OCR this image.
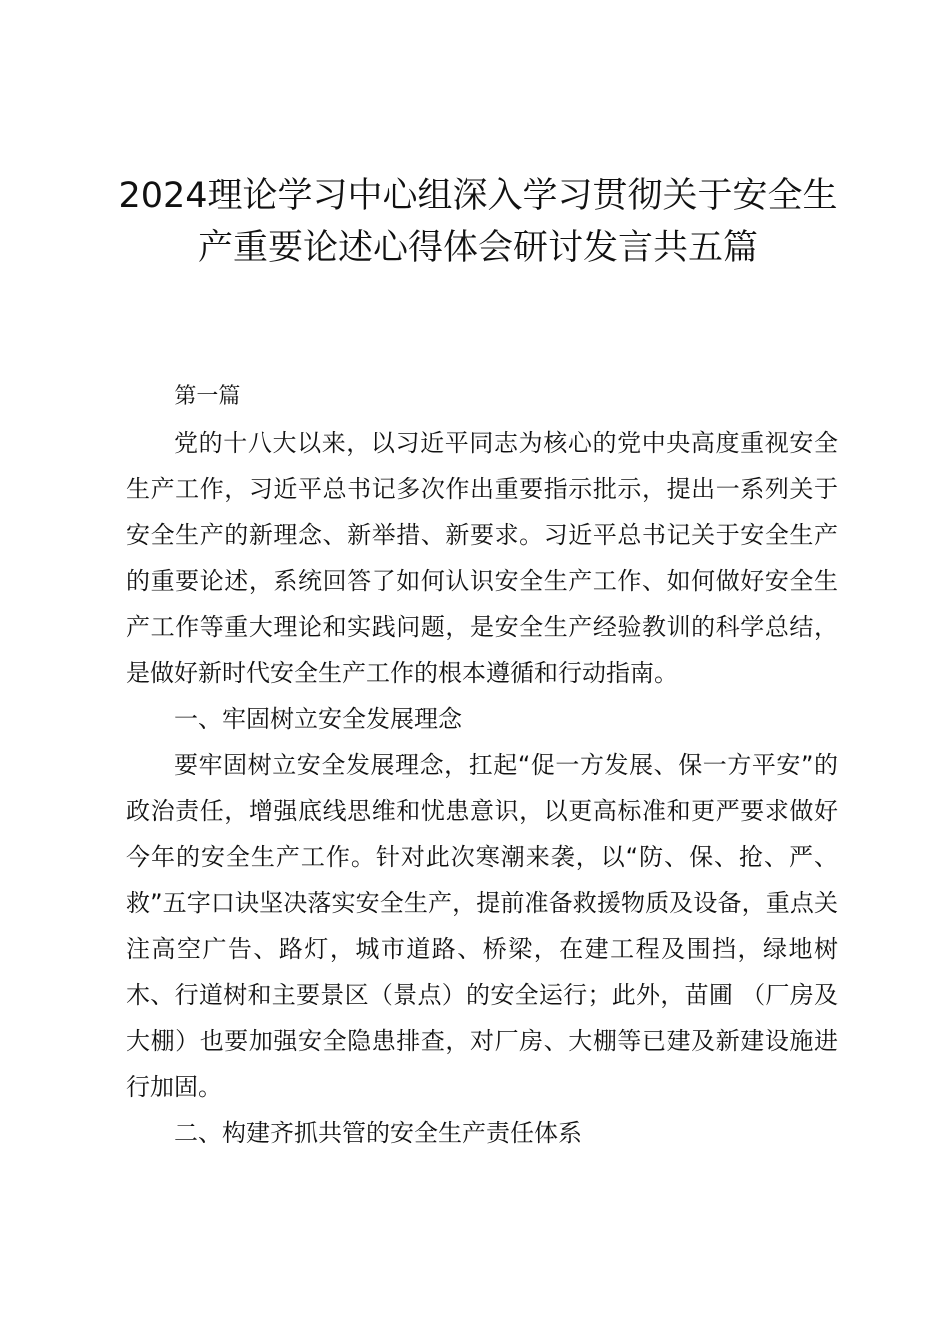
2024理论学习中心组深入学习贯彻关于安全生产重要论述心得体会研讨发言共五篇

第一篇

党的十八大以来，以习近平同志为核心的党中央高度重视安全生产工作，习近平总书记多次作出重要指示批示，提出一系列关于安全生产的新理念、新举措、新要求。习近平总书记关于安全生产的重要论述，系统回答了如何认识安全生产工作、如何做好安全生产工作等重大理论和实践问题，是安全生产经验教训的科学总结，是做好新时代安全生产工作的根本遵循和行动指南。

一、牢固树立安全发展理念

要牢固树立安全发展理念，扛起“促一方发展、保一方平安”的政治责任，增强底线思维和忧患意识，以更高标准和更严要求做好今年的安全生产工作。针对此次寒潮来袭，以“防、保、抢、严、救”五字口诀坚决落实安全生产，提前准备救援物质及设备，重点关注高空广告、路灯，城市道路、桥梁，在建工程及围挡，绿地树木、行道树和主要景区（景点）的安全运行；此外，苗圃 （厂房及大棚）也要加强安全隐患排查，对厂房、大棚等已建及新建设施进行加固。

二、构建齐抓共管的安全生产责任体系
